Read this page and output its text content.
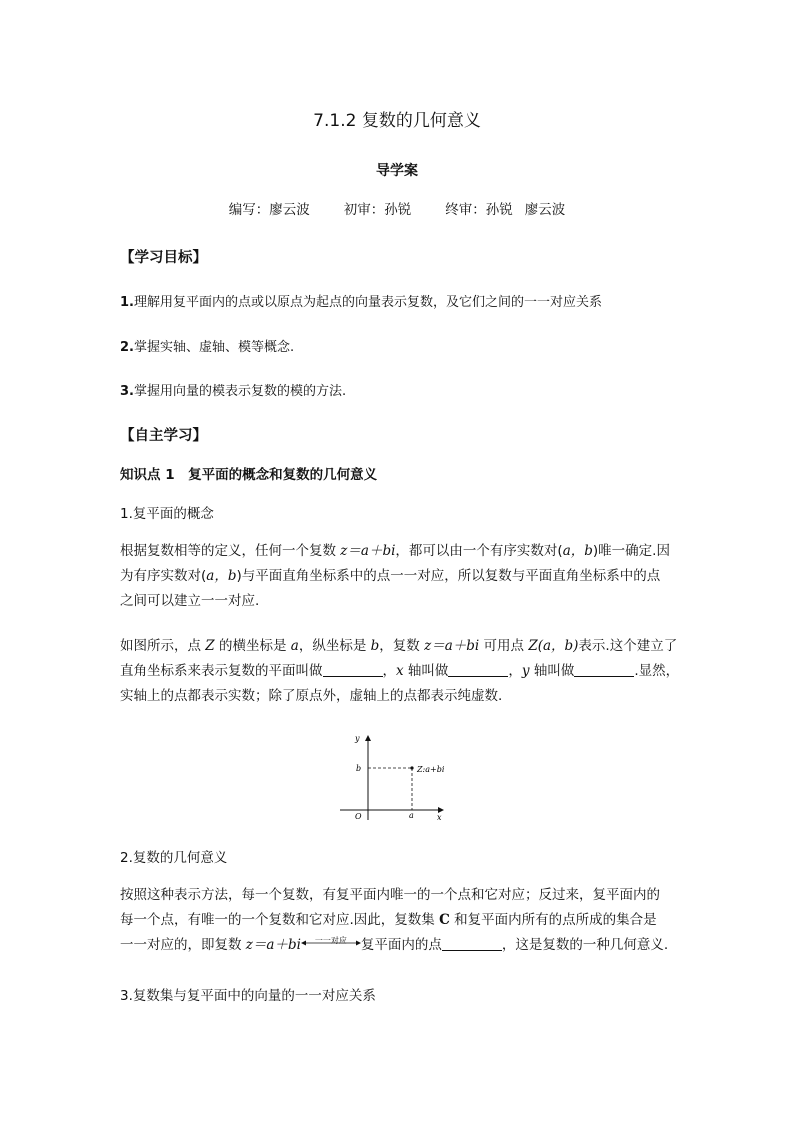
7.1.2 复数的几何意义
导学案
编写：廖云波	初审：孙锐	终审：孙锐 廖云波
【学习目标】
1.理解用复平面内的点或以原点为起点的向量表示复数，及它们之间的一一对应关系
2.掌握实轴、虚轴、模等概念.
3.掌握用向量的模表示复数的模的方法.
【自主学习】
知识点 1　复平面的概念和复数的几何意义
1.复平面的概念
根据复数相等的定义，任何一个复数 z＝a＋bi，都可以由一个有序实数对(a，b)唯一确定.因
为有序实数对(a，b)与平面直角坐标系中的点一一对应，所以复数与平面直角坐标系中的点
之间可以建立一一对应.
如图所示，点 Z 的横坐标是 a，纵坐标是 b，复数 z＝a＋bi 可用点 Z(a，b)表示.这个建立了
直角坐标系来表示复数的平面叫做	，x 轴叫做	，y 轴叫做	.显然，
实轴上的点都表示实数；除了原点外，虚轴上的点都表示纯虚数.
y
x
O	a
b	Z:a+bi
2.复数的几何意义
按照这种表示方法，每一个复数，有复平面内唯一的一个点和它对应；反过来，复平面内的
每一个点，有唯一的一个复数和它对应.因此，复数集 C 和复平面内所有的点所成的集合是
一一对应的，即复数 z＝a＋bi	一一对应	复平面内的点	，这是复数的一种几何意义.
3.复数集与复平面中的向量的一一对应关系
